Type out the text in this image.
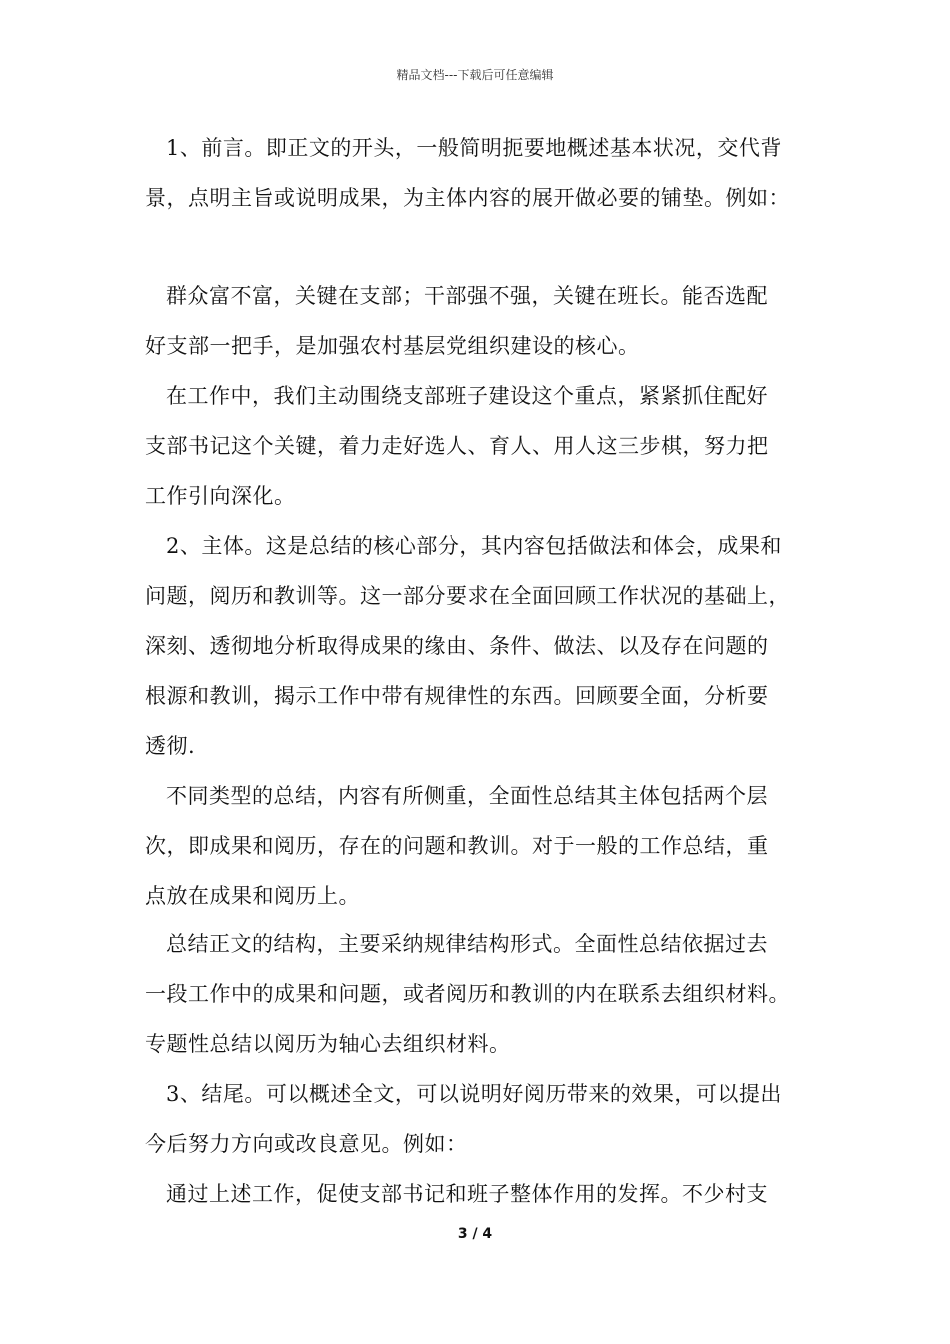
精品文档---下载后可任意编辑
1、前言。即正文的开头，一般简明扼要地概述基本状况，交代背
景，点明主旨或说明成果，为主体内容的展开做必要的铺垫。例如：
群众富不富，关键在支部；干部强不强，关键在班长。能否选配
好支部一把手，是加强农村基层党组织建设的核心。
在工作中，我们主动围绕支部班子建设这个重点，紧紧抓住配好
支部书记这个关键，着力走好选人、育人、用人这三步棋，努力把
工作引向深化。
2、主体。这是总结的核心部分，其内容包括做法和体会，成果和
问题，阅历和教训等。这一部分要求在全面回顾工作状况的基础上，
深刻、透彻地分析取得成果的缘由、条件、做法、以及存在问题的
根源和教训，揭示工作中带有规律性的东西。回顾要全面，分析要
透彻.
不同类型的总结，内容有所侧重，全面性总结其主体包括两个层
次，即成果和阅历，存在的问题和教训。对于一般的工作总结，重
点放在成果和阅历上。
总结正文的结构，主要采纳规律结构形式。全面性总结依据过去
一段工作中的成果和问题，或者阅历和教训的内在联系去组织材料。
专题性总结以阅历为轴心去组织材料。
3、结尾。可以概述全文，可以说明好阅历带来的效果，可以提出
今后努力方向或改良意见。例如：
通过上述工作，促使支部书记和班子整体作用的发挥。不少村支
3 / 4
